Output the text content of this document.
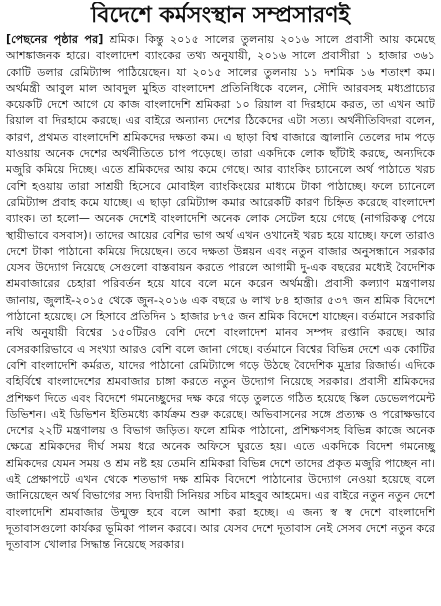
বিদেশে কর্মসংস্থান সম্প্রসারণই

[পেছনের পৃষ্ঠার পর] শ্রমিক। কিন্তু ২০১৫ সালের তুলনায় ২০১৬ সালে প্রবাসী আয় কমেছে আশঙ্কাজনক হারে। বাংলাদেশ ব্যাংকের তথ্য অনুযায়ী, ২০১৬ সালে প্রবাসীরা ১ হাজার ৩৬১ কোটি ডলার রেমিট্যান্স পাঠিয়েছেন। যা ২০১৫ সালের তুলনায় ১১ দশমিক ১৬ শতাংশ কম। অর্থমন্ত্রী আবুল মাল আবদুল মুহিত বাংলাদেশ প্রতিনিধিকে বলেন, সৌদি আরবসহ মধ্যপ্রাচ্যের কয়েকটি দেশে আগে যে কাজ বাংলাদেশি শ্রমিকরা ১০ রিয়াল বা দিরহামে করত, তা এখন আট রিয়াল বা দিরহামে করছে। এর বাইরে অন্যান্য দেশের ঠিকেদের এটা সত্য। অর্থনীতিবিদরা বলেন, কারণ, প্রথমত বাংলাদেশি শ্রমিকদের দক্ষতা কম। এ ছাড়া বিশ্ব বাজারে জ্বালানি তেলের দাম পড়ে যাওয়ায় অনেক দেশের অর্থনীতিতে চাপ পড়েছে। তারা একদিকে লোক ছাঁটাই করছে, অন্যদিকে মজুরি কমিয়ে দিচ্ছে। এতে শ্রমিকদের আয় কমে গেছে। আর ব্যাংকিং চ্যানেলে অর্থ পাঠাতে খরচ বেশি হওয়ায় তারা সাশ্রয়ী হিসেবে মোবাইল ব্যাংকিংয়ের মাধ্যমে টাকা পাঠাচ্ছে। ফলে চ্যানেলে রেমিট্যান্স প্রবাহ কমে যাচ্ছে। এ ছাড়া রেমিট্যান্স কমার আরেকটি কারণ চিহ্নিত করেছে বাংলাদেশ ব্যাংক। তা হলো— অনেক দেশেই বাংলাদেশি অনেক লোক সেটেল হয়ে গেছে (নাগরিকত্ব পেয়ে স্থায়ীভাবে বসবাস)। তাদের আয়ের বেশির ভাগ অর্থ এখন ওখানেই খরচ হয়ে যাচ্ছে। ফলে তারাও দেশে টাকা পাঠানো কমিয়ে দিয়েছেন। তবে দক্ষতা উন্নয়ন এবং নতুন বাজার অনুসন্ধানে সরকার যেসব উদ্যোগ নিয়েছে সেগুলো বাস্তবায়ন করতে পারলে আগামী দু-এক বছরের মধ্যেই বৈদেশিক শ্রমবাজারের চেহারা পরিবর্তন হয়ে যাবে বলে মনে করেন অর্থমন্ত্রী। প্রবাসী কল্যাণ মন্ত্রণালয় জানায়, জুলাই-২০১৫ থেকে জুন-২০১৬ এক বছরে ৬ লাখ ৮৪ হাজার ৫৩৭ জন শ্রমিক বিদেশে পাঠানো হয়েছে। সে হিসাবে প্রতিদিন ১ হাজার ৮৭৫ জন শ্রমিক বিদেশে যাচ্ছেন। বর্তমানে সরকারি নথি অনুযায়ী বিশ্বের ১৫০টিরও বেশি দেশে বাংলাদেশ মানব সম্পদ রপ্তানি করছে। আর বেসরকারিভাবে এ সংখ্যা আরও বেশি বলে জানা গেছে। বর্তমানে বিশ্বের বিভিন্ন দেশে এক কোটির বেশি বাংলাদেশি কর্মরত, যাদের পাঠানো রেমিট্যান্সে গড়ে উঠছে বৈদেশিক মুদ্রার রিজার্ভ। এদিকে বহির্বিশ্বে বাংলাদেশের শ্রমবাজার চাঙ্গা করতে নতুন উদ্যোগ নিয়েছে সরকার। প্রবাসী শ্রমিকদের প্রশিক্ষণ দিতে এবং বিদেশে গমনেচ্ছুদের দক্ষ করে গড়ে তুলতে গঠিত হয়েছে স্কিল ডেভেলপমেন্ট ডিভিশন। এই ডিভিশন ইতিমধ্যে কার্যক্রম শুরু করেছে। অভিবাসনের সঙ্গে প্রত্যক্ষ ও পরোক্ষভাবে দেশের ২২টি মন্ত্রণালয় ও বিভাগ জড়িত। ফলে শ্রমিক পাঠানো, প্রশিক্ষণসহ বিভিন্ন কাজে অনেক ক্ষেত্রে শ্রমিকদের দীর্ঘ সময় ধরে অনেক অফিসে ঘুরতে হয়। এতে একদিকে বিদেশ গমনেচ্ছু শ্রমিকদের যেমন সময় ও শ্রম নষ্ট হয় তেমনি শ্রমিকরা বিভিন্ন দেশে তাদের প্রকৃত মজুরি পাচ্ছেন না। এই প্রেক্ষাপটে এখন থেকে শতভাগ দক্ষ শ্রমিক বিদেশে পাঠানোর উদ্যোগ নেওয়া হয়েছে বলে জানিয়েছেন অর্থ বিভাগের সদ্য বিদায়ী সিনিয়র সচিব মাহবুব আহমেদ। এর বাইরে নতুন নতুন দেশে বাংলাদেশি শ্রমবাজার উন্মুক্ত হবে বলে আশা করা হচ্ছে। এ জন্য স্ব স্ব দেশে বাংলাদেশি দূতাবাসগুলো কার্যকর ভূমিকা পালন করবে। আর যেসব দেশে দূতাবাস নেই সেসব দেশে নতুন করে দূতাবাস খোলার সিদ্ধান্ত নিয়েছে সরকার।
